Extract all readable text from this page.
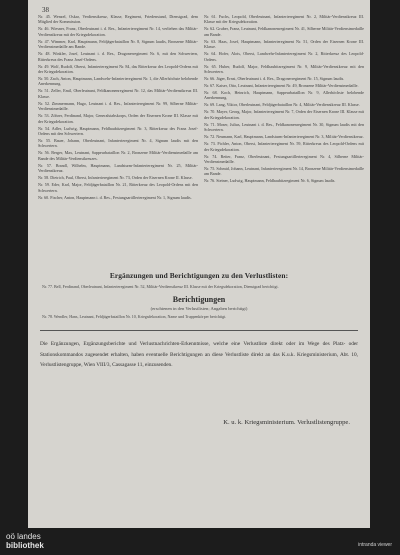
38
Nr. 45. Wenzel, Oskar, Verdienstkreuz, Klasse, Regiment, Friedenstand, Dienstgrad, dem Mitglied der Kommission.
Nr. 46. Wiesner, Franz, Oberleutnant i. d. Res., Infanterieregiment Nr. 14, verliehen das Militär-Verdienstkreuz mit der Kriegsdekoration.
Nr. 47. Wimmer, Karl, Hauptmann, Feldjägerbataillon Nr. 8, Signum laudis, Bronzene Militär-Verdienstmedaille am Bande.
Nr. 48. Winkler, Josef, Leutnant i. d. Res., Dragonerregiment Nr. 6, mit den Schwertern, Ritterkreuz des Franz Josef-Ordens.
Nr. 49. Wolf, Rudolf, Oberst, Infanterieregiment Nr. 84, das Ritterkreuz des Leopold-Ordens mit der Kriegsdekoration.
Nr. 50. Zach, Anton, Hauptmann, Landwehr-Infanterieregiment Nr. 1, die Allerhöchste belobende Anerkennung.
Nr. 51. Zeller, Emil, Oberleutnant, Feldkanonenregiment Nr. 12, das Militär-Verdienstkreuz III. Klasse.
Nr. 52. Zimmermann, Hugo, Leutnant i. d. Res., Infanterieregiment Nr. 99, Silberne Militär-Verdienstmedaille.
Nr. 53. Zöhrer, Ferdinand, Major, Generalstabskorps, Orden der Eisernen Krone III. Klasse mit der Kriegsdekoration.
Nr. 54. Adler, Ludwig, Hauptmann, Feldhaubitzregiment Nr. 3, Ritterkreuz des Franz Josef-Ordens mit den Schwertern.
Nr. 55. Bauer, Johann, Oberleutnant, Infanterieregiment Nr. 4, Signum laudis mit den Schwertern.
Nr. 56. Berger, Max, Leutnant, Sappeurbataillon Nr. 2, Bronzene Militär-Verdienstmedaille am Bande des Militär-Verdienstkreuzes.
Nr. 57. Brandl, Wilhelm, Hauptmann, Landsturm-Infanterieregiment Nr. 25, Militär-Verdienstkreuz.
Nr. 58. Dietrich, Paul, Oberst, Infanterieregiment Nr. 73, Orden der Eisernen Krone II. Klasse.
Nr. 59. Eder, Karl, Major, Feldjägerbataillon Nr. 21, Ritterkreuz des Leopold-Ordens mit den Schwertern.
Nr. 60. Fischer, Anton, Hauptmann i. d. Res., Festungsartillerieregiment Nr. 1, Signum laudis.
Nr. 61. Fuchs, Leopold, Oberleutnant, Infanterieregiment Nr. 2, Militär-Verdienstkreuz III. Klasse mit der Kriegsdekoration.
Nr. 62. Gruber, Franz, Leutnant, Feldkanonenregiment Nr. 41, Silberne Militär-Verdienstmedaille am Bande.
Nr. 63. Haas, Josef, Hauptmann, Infanterieregiment Nr. 51, Orden der Eisernen Krone III. Klasse.
Nr. 64. Hofer, Alois, Oberst, Landwehr-Infanterieregiment Nr. 2, Ritterkreuz des Leopold-Ordens.
Nr. 65. Huber, Rudolf, Major, Feldhaubitzregiment Nr. 9, Militär-Verdienstkreuz mit den Schwertern.
Nr. 66. Jäger, Ernst, Oberleutnant i. d. Res., Dragonerregiment Nr. 15, Signum laudis.
Nr. 67. Kaiser, Otto, Leutnant, Infanterieregiment Nr. 49, Bronzene Militär-Verdienstmedaille.
Nr. 68. Koch, Heinrich, Hauptmann, Sappeurbataillon Nr. 9, Allerhöchste belobende Anerkennung.
Nr. 69. Lang, Viktor, Oberleutnant, Feldjägerbataillon Nr. 4, Militär-Verdienstkreuz III. Klasse.
Nr. 70. Mayer, Georg, Major, Infanterieregiment Nr. 7, Orden der Eisernen Krone III. Klasse mit der Kriegsdekoration.
Nr. 71. Moser, Julius, Leutnant i. d. Res., Feldkanonenregiment Nr. 30, Signum laudis mit den Schwertern.
Nr. 72. Neumann, Karl, Hauptmann, Landsturm-Infanterieregiment Nr. 3, Militär-Verdienstkreuz.
Nr. 73. Pichler, Anton, Oberst, Infanterieregiment Nr. 59, Ritterkreuz des Leopold-Ordens mit der Kriegsdekoration.
Nr. 74. Reiter, Franz, Oberleutnant, Festungsartillerieregiment Nr. 4, Silberne Militär-Verdienstmedaille.
Nr. 75. Schmid, Johann, Leutnant, Infanterieregiment Nr. 14, Bronzene Militär-Verdienstmedaille am Bande.
Nr. 76. Steiner, Ludwig, Hauptmann, Feldhaubitzregiment Nr. 6, Signum laudis.
Ergänzungen und Berichtigungen zu den Verlustlisten:
Nr. 77. Bell, Ferdinand, Oberleutnant, Infanterieregiment Nr. 52, Militär-Verdienstkreuz III. Klasse mit der Kriegsdekoration, Dienstgrad berichtigt.
Berichtigungen
(erschienen in den Verlustlisten; Angaben berichtigt)
Nr. 78. Wendler, Hans, Leutnant, Feldjägerbataillon Nr. 10, Kriegsdekoration, Name und Truppenkörper berichtigt.
Die Ergänzungen, Ergänzungsberichte und Verlustnachrichten-Erkenntnisse, welche eine Verlustliste direkt oder im Wege des Platz- oder Stationskommandos zugesendet erhalten, haben eventuelle Berichtigungen an diese Verlustliste direkt an das K.u.k. Kriegsministerium, Abt. 10, Verlustlistengruppe, Wien VIII/3, Cassagasse 11, einzusenden.
K. u. k. Kriegsministerium. Verlustlistengruppe.
oö landes
bibliothek	intranda viewer
